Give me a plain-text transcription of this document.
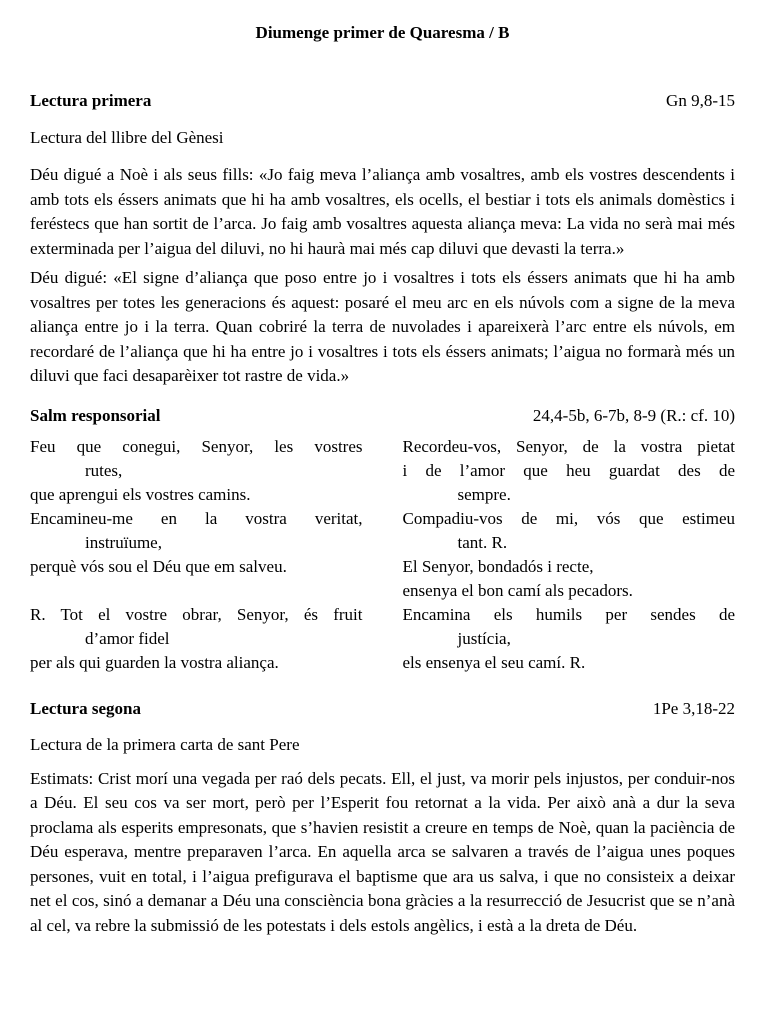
Diumenge primer de Quaresma / B
Lectura primera	Gn 9,8-15
Lectura del llibre del Gènesi

Déu digué a Noè i als seus fills: «Jo faig meva l’aliança amb vosaltres, amb els vostres descendents i amb tots els éssers animats que hi ha amb vosaltres, els ocells, el bestiar i tots els animals domèstics i feréstecs que han sortit de l’arca. Jo faig amb vosaltres aquesta aliança meva: La vida no serà mai més exterminada per l’aigua del diluvi, no hi haurà mai més cap diluvi que devasti la terra.»

Déu digué: «El signe d’aliança que poso entre jo i vosaltres i tots els éssers animats que hi ha amb vosaltres per totes les generacions és aquest: posaré el meu arc en els núvols com a signe de la meva aliança entre jo i la terra. Quan cobriré la terra de nuvolades i apareixerà l’arc entre els núvols, em recordaré de l’aliança que hi ha entre jo i vosaltres i tots els éssers animats; l’aigua no formarà més un diluvi que faci desaparèixer tot rastre de vida.»

Salm responsorial	24,4-5b, 6-7b, 8-9 (R.: cf. 10)
Feu que conegui, Senyor, les vostres
rutes,
que aprengui els vostres camins.
Encamineu-me en la vostra veritat,
instruïume,
perquè vós sou el Déu que em salveu.
R. Tot el vostre obrar, Senyor, és fruit
d’amor fidel
per als qui guarden la vostra aliança.
Recordeu-vos, Senyor, de la vostra pietat
i de l’amor que heu guardat des de
sempre.
Compadiu-vos de mi, vós que estimeu
tant. R.
El Senyor, bondadós i recte,
ensenya el bon camí als pecadors.
Encamina els humils per sendes de
justícia,
els ensenya el seu camí. R.
Lectura segona	1Pe 3,18-22
Lectura de la primera carta de sant Pere

Estimats: Crist morí una vegada per raó dels pecats. Ell, el just, va morir pels injustos, per conduir-nos a Déu. El seu cos va ser mort, però per l’Esperit fou retornat a la vida. Per això anà a dur la seva proclama als esperits empresonats, que s’havien resistit a creure en temps de Noè, quan la paciència de Déu esperava, mentre preparaven l’arca. En aquella arca se salvaren a través de l’aigua unes poques persones, vuit en total, i l’aigua prefigurava el baptisme que ara us salva, i que no consisteix a deixar net el cos, sinó a demanar a Déu una consciència bona gràcies a la resurrecció de Jesucrist que se n’anà al cel, va rebre la submissió de les potestats i dels estols angèlics, i està a la dreta de Déu.
